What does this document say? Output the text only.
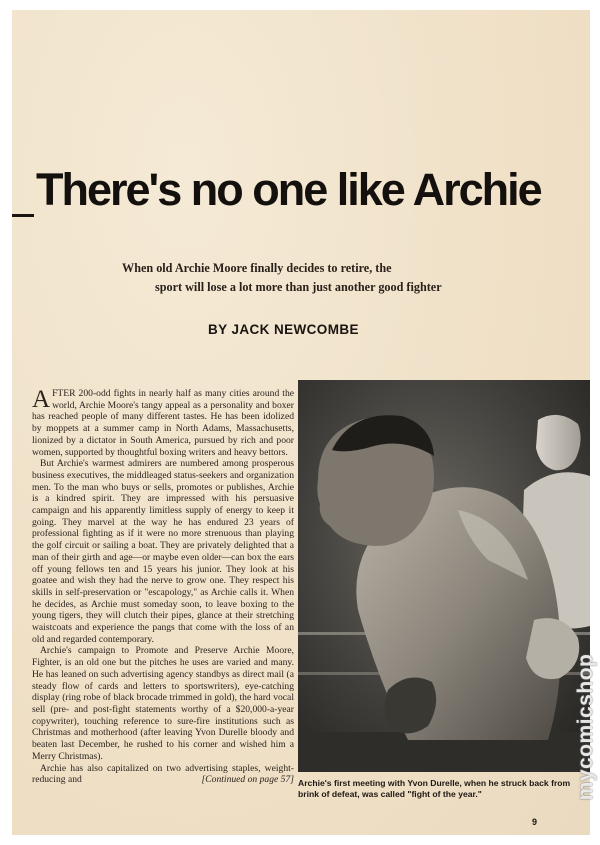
There's no one like Archie
When old Archie Moore finally decides to retire, the
sport will lose a lot more than just another good fighter
BY JACK NEWCOMBE

AFTER 200-odd fights in nearly half as many cities around the world, Archie Moore's tangy appeal as a personality and boxer has reached people of many different tastes. He has been idolized by moppets at a summer camp in North Adams, Massachusetts, lionized by a dictator in South America, pursued by rich and poor women, supported by thoughtful boxing writers and heavy bettors.

But Archie's warmest admirers are numbered among prosperous business executives, the middleaged status-seekers and organization men. To the man who buys or sells, promotes or publishes, Archie is a kindred spirit. They are impressed with his persuasive campaign and his apparently limitless supply of energy to keep it going. They marvel at the way he has endured 23 years of professional fighting as if it were no more strenuous than playing the golf circuit or sailing a boat. They are privately delighted that a man of their girth and age—or maybe even older—can box the ears off young fellows ten and 15 years his junior. They look at his goatee and wish they had the nerve to grow one. They respect his skills in self-preservation or "escapology," as Archie calls it. When he decides, as Archie must someday soon, to leave boxing to the young tigers, they will clutch their pipes, glance at their stretching waistcoats and experience the pangs that come with the loss of an old and regarded contemporary.

Archie's campaign to Promote and Preserve Archie Moore, Fighter, is an old one but the pitches he uses are varied and many. He has leaned on such advertising agency standbys as direct mail (a steady flow of cards and letters to sportswriters), eye-catching display (ring robe of black brocade trimmed in gold), the hard vocal sell (pre- and post-fight statements worthy of a $20,000-a-year copywriter), touching reference to sure-fire institutions such as Christmas and motherhood (after leaving Yvon Durelle bloody and beaten last December, he rushed to his corner and wished him a Merry Christmas).

Archie has also capitalized on two advertising staples, weight-reducing and	[Continued on page 57] Archie's first meeting with Yvon Durelle, when he struck back from brink of defeat, was called "fight of the year."
9
mycomicshop
